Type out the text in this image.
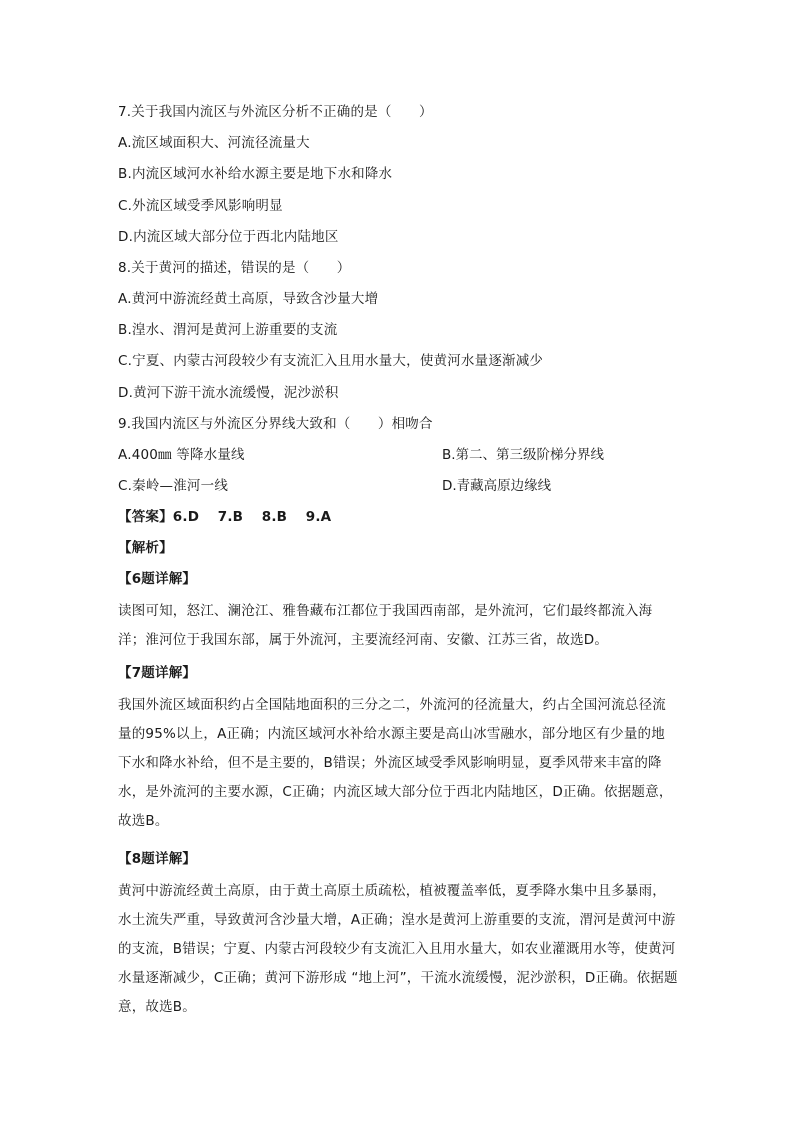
7.关于我国内流区与外流区分析不正确的是（　　）
A.流区域面积大、河流径流量大
B.内流区域河水补给水源主要是地下水和降水
C.外流区域受季风影响明显
D.内流区域大部分位于西北内陆地区
8.关于黄河的描述，错误的是（　　）
A.黄河中游流经黄土高原，导致含沙量大增
B.湟水、渭河是黄河上游重要的支流
C.宁夏、内蒙古河段较少有支流汇入且用水量大，使黄河水量逐渐减少
D.黄河下游干流水流缓慢，泥沙淤积
9.我国内流区与外流区分界线大致和（　　）相吻合
A.400㎜ 等降水量线	B.第二、第三级阶梯分界线
C.秦岭—淮河一线	D.青藏高原边缘线
【答案】6.D　 7.B　 8.B　 9.A
【解析】
【6题详解】
读图可知，怒江、澜沧江、雅鲁藏布江都位于我国西南部，是外流河，它们最终都流入海洋；淮河位于我国东部，属于外流河，主要流经河南、安徽、江苏三省，故选D。
【7题详解】
我国外流区域面积约占全国陆地面积的三分之二，外流河的径流量大，约占全国河流总径流量的95%以上，A正确；内流区域河水补给水源主要是高山冰雪融水，部分地区有少量的地下水和降水补给，但不是主要的，B错误；外流区域受季风影响明显，夏季风带来丰富的降水，是外流河的主要水源，C正确；内流区域大部分位于西北内陆地区，D正确。依据题意，故选B。
【8题详解】
黄河中游流经黄土高原，由于黄土高原土质疏松，植被覆盖率低，夏季降水集中且多暴雨，水土流失严重，导致黄河含沙量大增，A正确；湟水是黄河上游重要的支流，渭河是黄河中游的支流，B错误；宁夏、内蒙古河段较少有支流汇入且用水量大，如农业灌溉用水等，使黄河水量逐渐减少，C正确；黄河下游形成 “地上河”，干流水流缓慢，泥沙淤积，D正确。依据题意，故选B。
